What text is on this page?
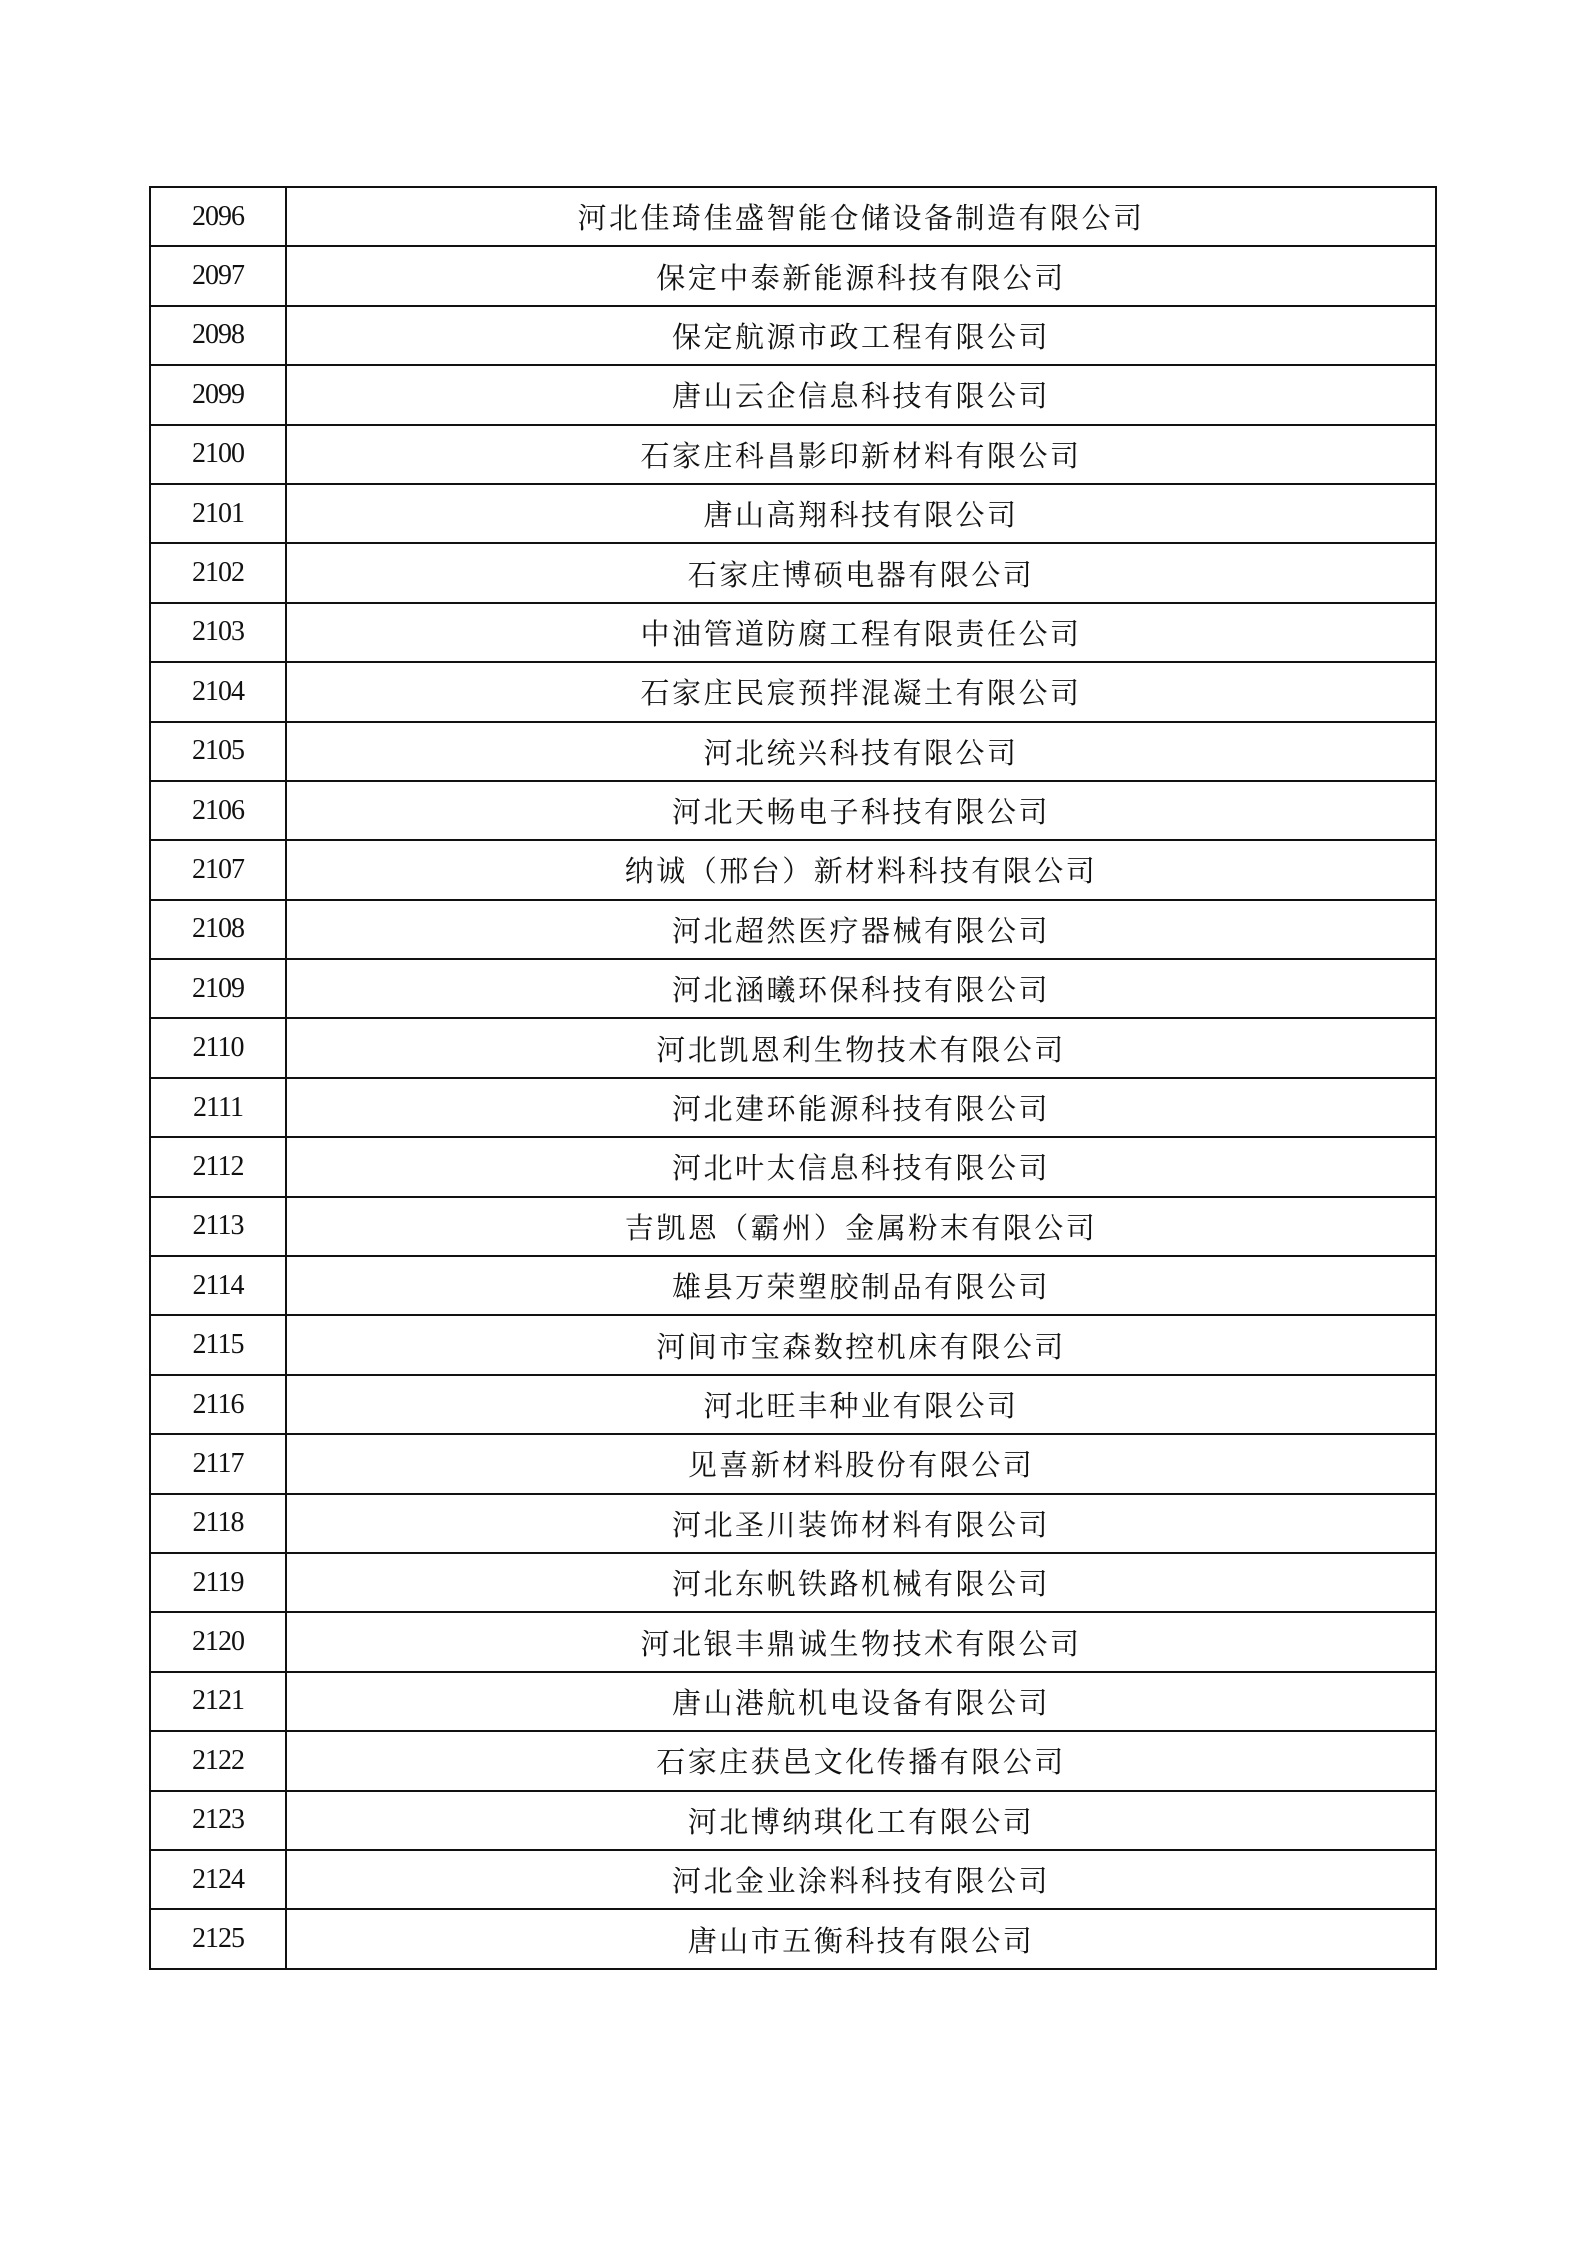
2096	河北佳琦佳盛智能仓储设备制造有限公司
2097	保定中泰新能源科技有限公司
2098	保定航源市政工程有限公司
2099	唐山云企信息科技有限公司
2100	石家庄科昌影印新材料有限公司
2101	唐山高翔科技有限公司
2102	石家庄博硕电器有限公司
2103	中油管道防腐工程有限责任公司
2104	石家庄民宸预拌混凝土有限公司
2105	河北统兴科技有限公司
2106	河北天畅电子科技有限公司
2107	纳诚（邢台）新材料科技有限公司
2108	河北超然医疗器械有限公司
2109	河北涵曦环保科技有限公司
2110	河北凯恩利生物技术有限公司
2111	河北建环能源科技有限公司
2112	河北叶太信息科技有限公司
2113	吉凯恩（霸州）金属粉末有限公司
2114	雄县万荣塑胶制品有限公司
2115	河间市宝森数控机床有限公司
2116	河北旺丰种业有限公司
2117	见喜新材料股份有限公司
2118	河北圣川装饰材料有限公司
2119	河北东帆铁路机械有限公司
2120	河北银丰鼎诚生物技术有限公司
2121	唐山港航机电设备有限公司
2122	石家庄获邑文化传播有限公司
2123	河北博纳琪化工有限公司
2124	河北金业涂料科技有限公司
2125	唐山市五衡科技有限公司
